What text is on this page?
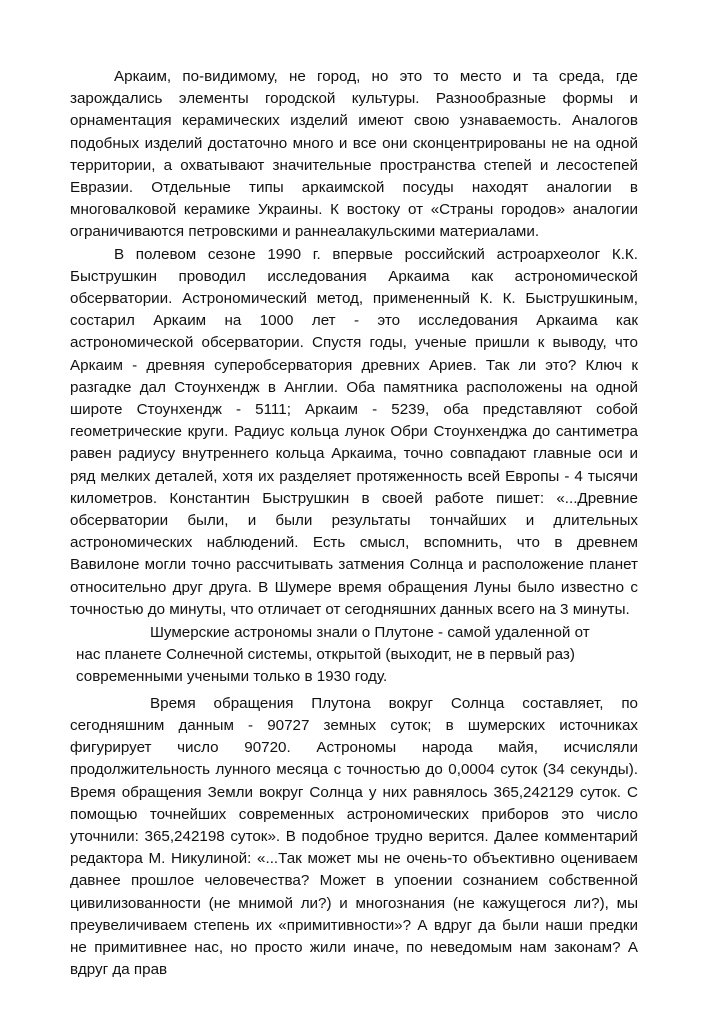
Аркаим, по-видимому, не город, но это то место и та среда, где зарождались элементы городской культуры. Разнообразные формы и орнаментация керамических изделий имеют свою узнаваемость. Аналогов подобных изделий достаточно много и все они сконцентрированы не на одной территории, а охватывают значительные пространства степей и лесостепей Евразии. Отдельные типы аркаимской посуды находят аналогии в многовалковой керамике Украины. К востоку от «Страны городов» аналогии ограничиваются петровскими и раннеалакульскими материалами.

В полевом сезоне 1990 г. впервые российский астроархеолог К.К. Быструшкин проводил исследования Аркаима как астрономической обсерватории. Астрономический метод, примененный К. К. Быструшкиным, состарил Аркаим на 1000 лет - это исследования Аркаима как астрономической обсерватории. Спустя годы, ученые пришли к выводу, что Аркаим - древняя суперобсерватория древних Ариев. Так ли это? Ключ к разгадке дал Стоунхендж в Англии. Оба памятника расположены на одной широте Стоунхендж - 5111; Аркаим - 5239, оба представляют собой геометрические круги. Радиус кольца лунок Обри Стоунхенджа до сантиметра равен радиусу внутреннего кольца Аркаима, точно совпадают главные оси и ряд мелких деталей, хотя их разделяет протяженность всей Европы - 4 тысячи километров. Константин Быструшкин в своей работе пишет: «...Древние обсерватории были, и были результаты тончайших и длительных астрономических наблюдений. Есть смысл, вспомнить, что в древнем Вавилоне могли точно рассчитывать затмения Солнца и расположение планет относительно друг друга. В Шумере время обращения Луны было известно с точностью до минуты, что отличает от сегодняшних данных всего на 3 минуты.

Шумерские астрономы знали о Плутоне - самой удаленной от
нас планете Солнечной системы, открытой (выходит, не в первый раз)
современными учеными только в 1930 году.

Время обращения Плутона вокруг Солнца составляет, по сегодняшним данным - 90727 земных суток; в шумерских источниках фигурирует число 90720. Астрономы народа майя, исчисляли продолжительность лунного месяца с точностью до 0,0004 суток (34 секунды). Время обращения Земли вокруг Солнца у них равнялось 365,242129 суток. С помощью точнейших современных астрономических приборов это число уточнили: 365,242198 суток». В подобное трудно верится. Далее комментарий редактора М. Никулиной: «...Так может мы не очень-то объективно оцениваем давнее прошлое человечества? Может в упоении сознанием собственной цивилизованности (не мнимой ли?) и многознания (не кажущегося ли?), мы преувеличиваем степень их «примитивности»? А вдруг да были наши предки не примитивнее нас, но просто жили иначе, по неведомым нам законам? А вдруг да прав
